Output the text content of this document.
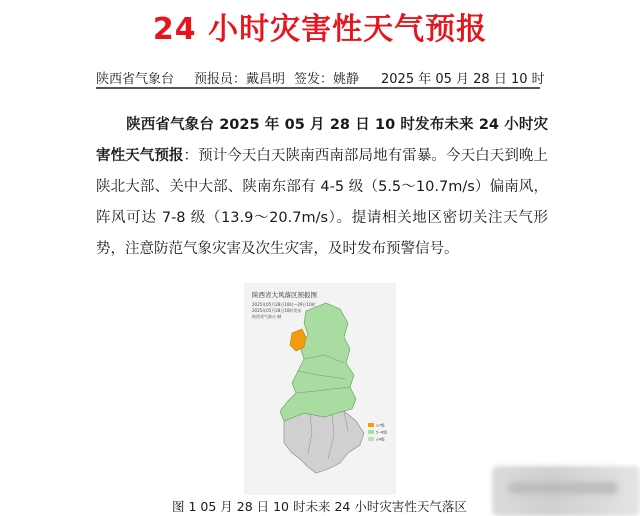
24 小时灾害性天气预报
陕西省气象台 预报员：戴昌明 签发：姚静 2025 年 05 月 28 日 10 时
陕西省气象台 2025 年 05 月 28 日 10 时发布未来 24 小时灾害性天气预报：预计今天白天陕南西南部局地有雷暴。今天白天到晚上陕北大部、关中大部、陕南东部有 4-5 级（5.5～10.7m/s）偏南风，阵风可达 7-8 级（13.9～20.7m/s）。提请相关地区密切关注天气形势，注意防范气象灾害及次生灾害，及时发布预警信号。
陕西省大风落区预报图
2025年05月28日10时—29日10时
2025年05月28日10时发布
陕西省气象台 制
≥7级
5~6级
≤4级
图 1 05 月 28 日 10 时未来 24 小时灾害性天气落区
